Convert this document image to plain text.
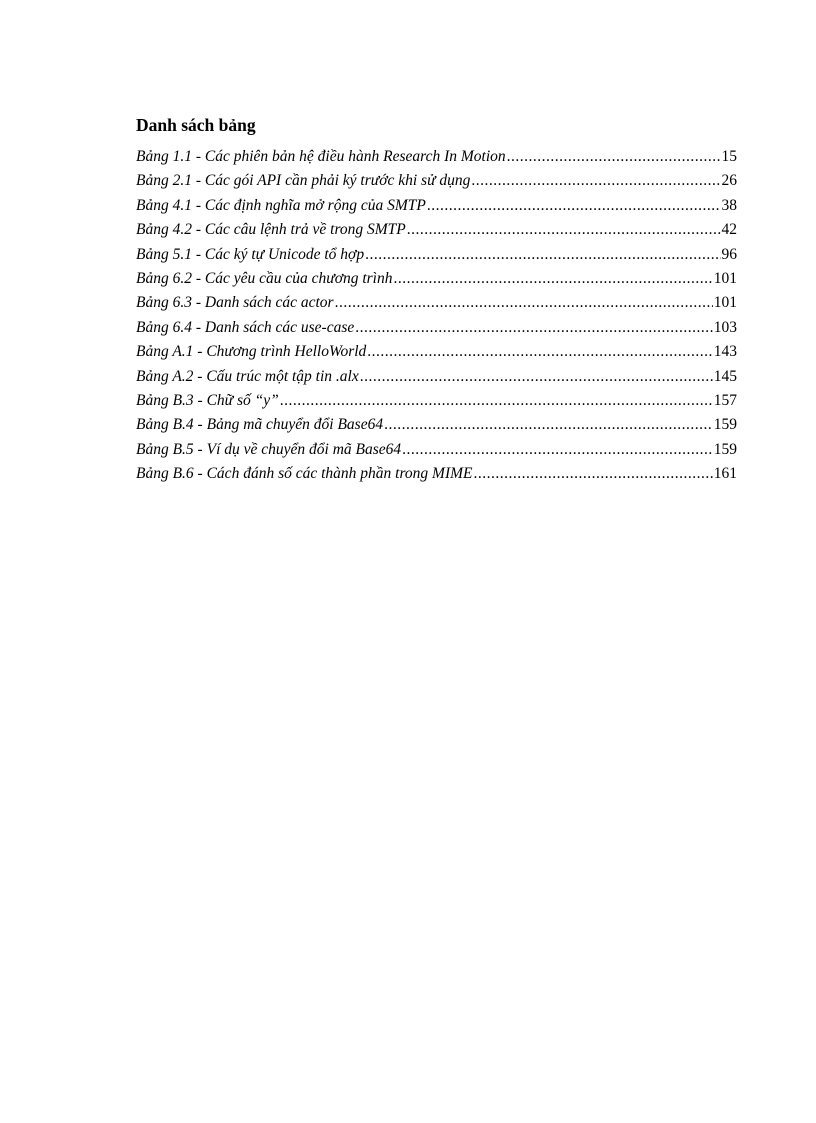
Danh sách bảng
Bảng 1.1 - Các phiên bản hệ điều hành Research In Motion .....	15
Bảng 2.1 - Các gói API cần phải ký trước khi sử dụng .....	26
Bảng 4.1 - Các định nghĩa mở rộng của SMTP .....	38
Bảng 4.2 - Các câu lệnh trả về trong SMTP .....	42
Bảng 5.1 - Các ký tự Unicode tổ hợp .....	96
Bảng 6.2 - Các yêu cầu của chương trình .....	101
Bảng 6.3 - Danh sách các actor .....	101
Bảng 6.4 - Danh sách các use-case .....	103
Bảng A.1 - Chương trình HelloWorld .....	143
Bảng A.2 - Cấu trúc một tập tin .alx .....	145
Bảng B.3 - Chữ số “y” .....	157
Bảng B.4 - Bảng mã chuyển đổi Base64 .....	159
Bảng B.5 - Ví dụ về chuyển đổi mã Base64 .....	159
Bảng B.6 - Cách đánh số các thành phần trong MIME .....	161
